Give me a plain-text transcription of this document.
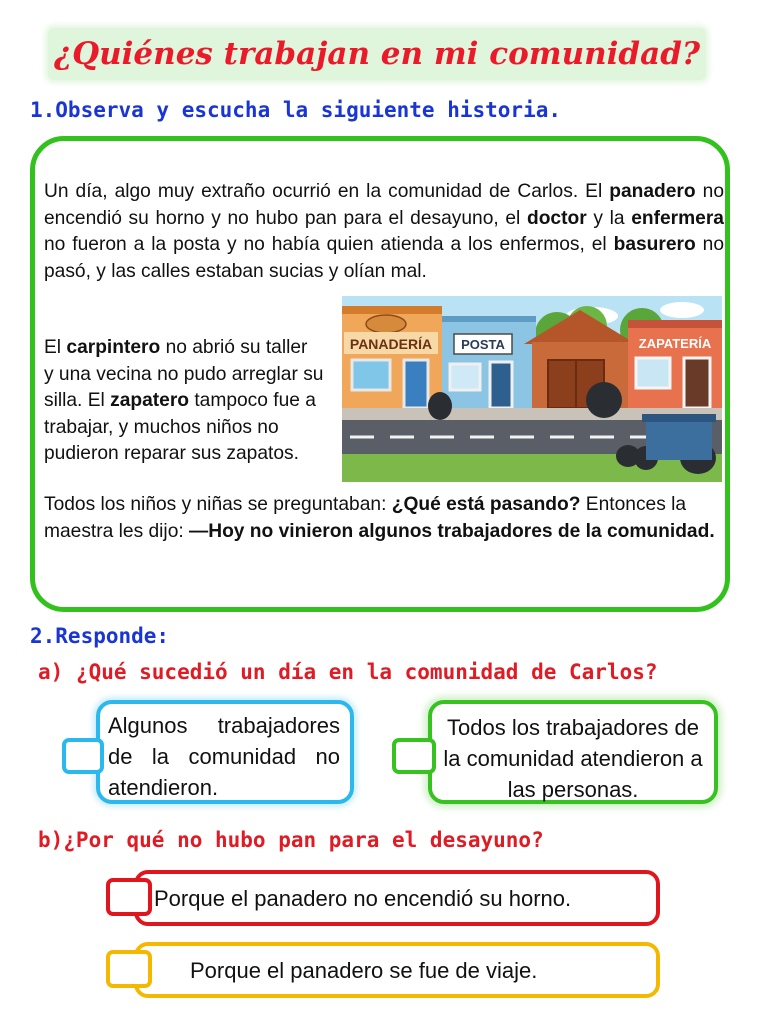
¿Quiénes trabajan en mi comunidad?
1.Observa y escucha la siguiente historia.
Un día, algo muy extraño ocurrió en la comunidad de Carlos. El panadero no encendió su horno y no hubo pan para el desayuno, el doctor y la enfermera no fueron a la posta y no había quien atienda a los enfermos, el basurero no pasó, y las calles estaban sucias y olían mal.
El carpintero no abrió su taller
y una vecina no pudo arreglar su
silla. El zapatero tampoco fue a
trabajar, y muchos niños no
pudieron reparar sus zapatos.
Todos los niños y niñas se preguntaban: ¿Qué está pasando? Entonces la maestra les dijo: —Hoy no vinieron algunos trabajadores de la comunidad.
PANADERÍA POSTA	ZAPATERÍA
2.Responde:
a) ¿Qué sucedió un día en la comunidad de Carlos?
Algunos trabajadores de la comunidad no atendieron.
Todos los trabajadores de la comunidad atendieron a las personas.
b)¿Por qué no hubo pan para el desayuno?
Porque el panadero no encendió su horno.
Porque el panadero se fue de viaje.
